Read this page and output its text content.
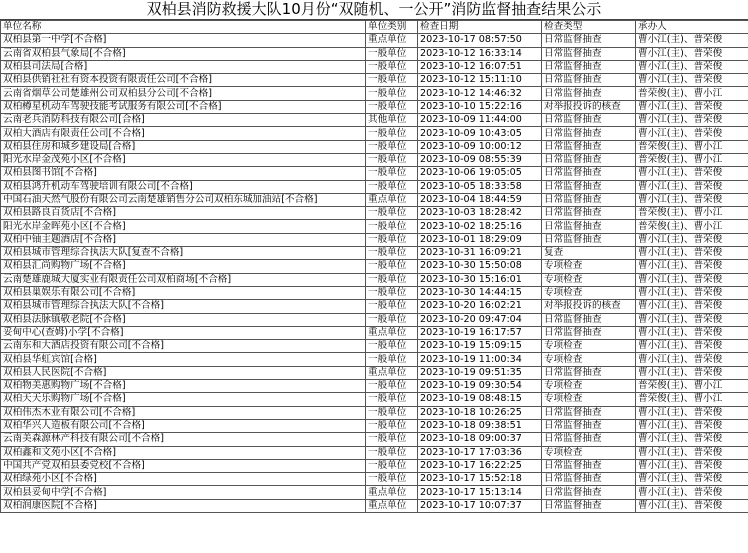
双柏县消防救援大队10月份“双随机、一公开”消防监督抽查结果公示
单位名称	单位类别	检查日期	检查类型	承办人
双柏县第一中学[不合格]	重点单位	2023-10-17 08:57:50	日常监督抽查	曹小江(主)、普荣俊
云南省双柏县气象局[不合格]	一般单位	2023-10-12 16:33:14	日常监督抽查	曹小江(主)、普荣俊
双柏县司法局[合格]	一般单位	2023-10-12 16:07:51	日常监督抽查	曹小江(主)、普荣俊
双柏县供销社社有资本投资有限责任公司[不合格]	一般单位	2023-10-12 15:11:10	日常监督抽查	曹小江(主)、普荣俊
云南省烟草公司楚雄州公司双柏县分公司[不合格]	一般单位	2023-10-12 14:46:32	日常监督抽查	普荣俊(主)、曹小江
双柏樽星机动车驾驶技能考试服务有限公司[不合格]	一般单位	2023-10-10 15:22:16	对举报投诉的核查	曹小江(主)、普荣俊
云南老兵消防科技有限公司[合格]	其他单位	2023-10-09 11:44:00	日常监督抽查	曹小江(主)、普荣俊
双柏大酒店有限责任公司[不合格]	一般单位	2023-10-09 10:43:05	日常监督抽查	曹小江(主)、普荣俊
双柏县住房和城乡建设局[合格]	一般单位	2023-10-09 10:00:12	日常监督抽查	普荣俊(主)、曹小江
阳光水岸金茂苑小区[不合格]	一般单位	2023-10-09 08:55:39	日常监督抽查	普荣俊(主)、曹小江
双柏县图书馆[不合格]	一般单位	2023-10-06 19:05:05	日常监督抽查	曹小江(主)、普荣俊
双柏县鸿升机动车驾驶培训有限公司[不合格]	一般单位	2023-10-05 18:33:58	日常监督抽查	曹小江(主)、普荣俊
中国石油天然气股份有限公司云南楚雄销售分公司双柏东城加油站[不合格]	重点单位	2023-10-04 18:44:59	日常监督抽查	曹小江(主)、普荣俊
双柏县路良百货店[不合格]	一般单位	2023-10-03 18:28:42	日常监督抽查	普荣俊(主)、曹小江
阳光水岸金晖苑小区[不合格]	一般单位	2023-10-02 18:25:16	日常监督抽查	普荣俊(主)、曹小江
双柏中铀主题酒店[不合格]	一般单位	2023-10-01 18:29:09	日常监督抽查	曹小江(主)、普荣俊
双柏县城市管理综合执法大队[复查不合格]	一般单位	2023-10-31 16:09:21	复查	曹小江(主)、普荣俊
双柏县汇尚购物广场[不合格]	一般单位	2023-10-30 15:50:08	专项检查	曹小江(主)、普荣俊
云南楚雄鹿城大厦实业有限责任公司双柏商场[不合格]	一般单位	2023-10-30 15:16:01	专项检查	曹小江(主)、普荣俊
双柏县巢娱乐有限公司[不合格]	一般单位	2023-10-30 14:44:15	专项检查	曹小江(主)、普荣俊
双柏县城市管理综合执法大队[不合格]	一般单位	2023-10-20 16:02:21	对举报投诉的核查	曹小江(主)、普荣俊
双柏县法脉镇敬老院[不合格]	一般单位	2023-10-20 09:47:04	日常监督抽查	曹小江(主)、普荣俊
妥甸中心(查姆)小学[不合格]	重点单位	2023-10-19 16:17:57	日常监督抽查	曹小江(主)、普荣俊
云南东和大酒店投资有限公司[不合格]	一般单位	2023-10-19 15:09:15	专项检查	曹小江(主)、普荣俊
双柏县华虹宾馆[合格]	一般单位	2023-10-19 11:00:34	专项检查	曹小江(主)、普荣俊
双柏县人民医院[不合格]	重点单位	2023-10-19 09:51:35	日常监督抽查	曹小江(主)、普荣俊
双柏物美惠购物广场[不合格]	一般单位	2023-10-19 09:30:54	专项检查	普荣俊(主)、曹小江
双柏天天乐购物广场[不合格]	一般单位	2023-10-19 08:48:15	专项检查	普荣俊(主)、曹小江
双柏伟杰木业有限公司[不合格]	一般单位	2023-10-18 10:26:25	日常监督抽查	曹小江(主)、普荣俊
双柏华兴人造板有限公司[不合格]	一般单位	2023-10-18 09:38:51	日常监督抽查	曹小江(主)、普荣俊
云南美森源林产科技有限公司[不合格]	一般单位	2023-10-18 09:00:37	日常监督抽查	曹小江(主)、普荣俊
双柏鑫和文苑小区[不合格]	一般单位	2023-10-17 17:03:36	专项检查	曹小江(主)、普荣俊
中国共产党双柏县委党校[不合格]	一般单位	2023-10-17 16:22:25	日常监督抽查	曹小江(主)、普荣俊
双柏绿苑小区[不合格]	一般单位	2023-10-17 15:52:18	日常监督抽查	曹小江(主)、普荣俊
双柏县妥甸中学[不合格]	重点单位	2023-10-17 15:13:14	日常监督抽查	曹小江(主)、普荣俊
双柏润康医院[不合格]	重点单位	2023-10-17 10:07:37	日常监督抽查	曹小江(主)、普荣俊
